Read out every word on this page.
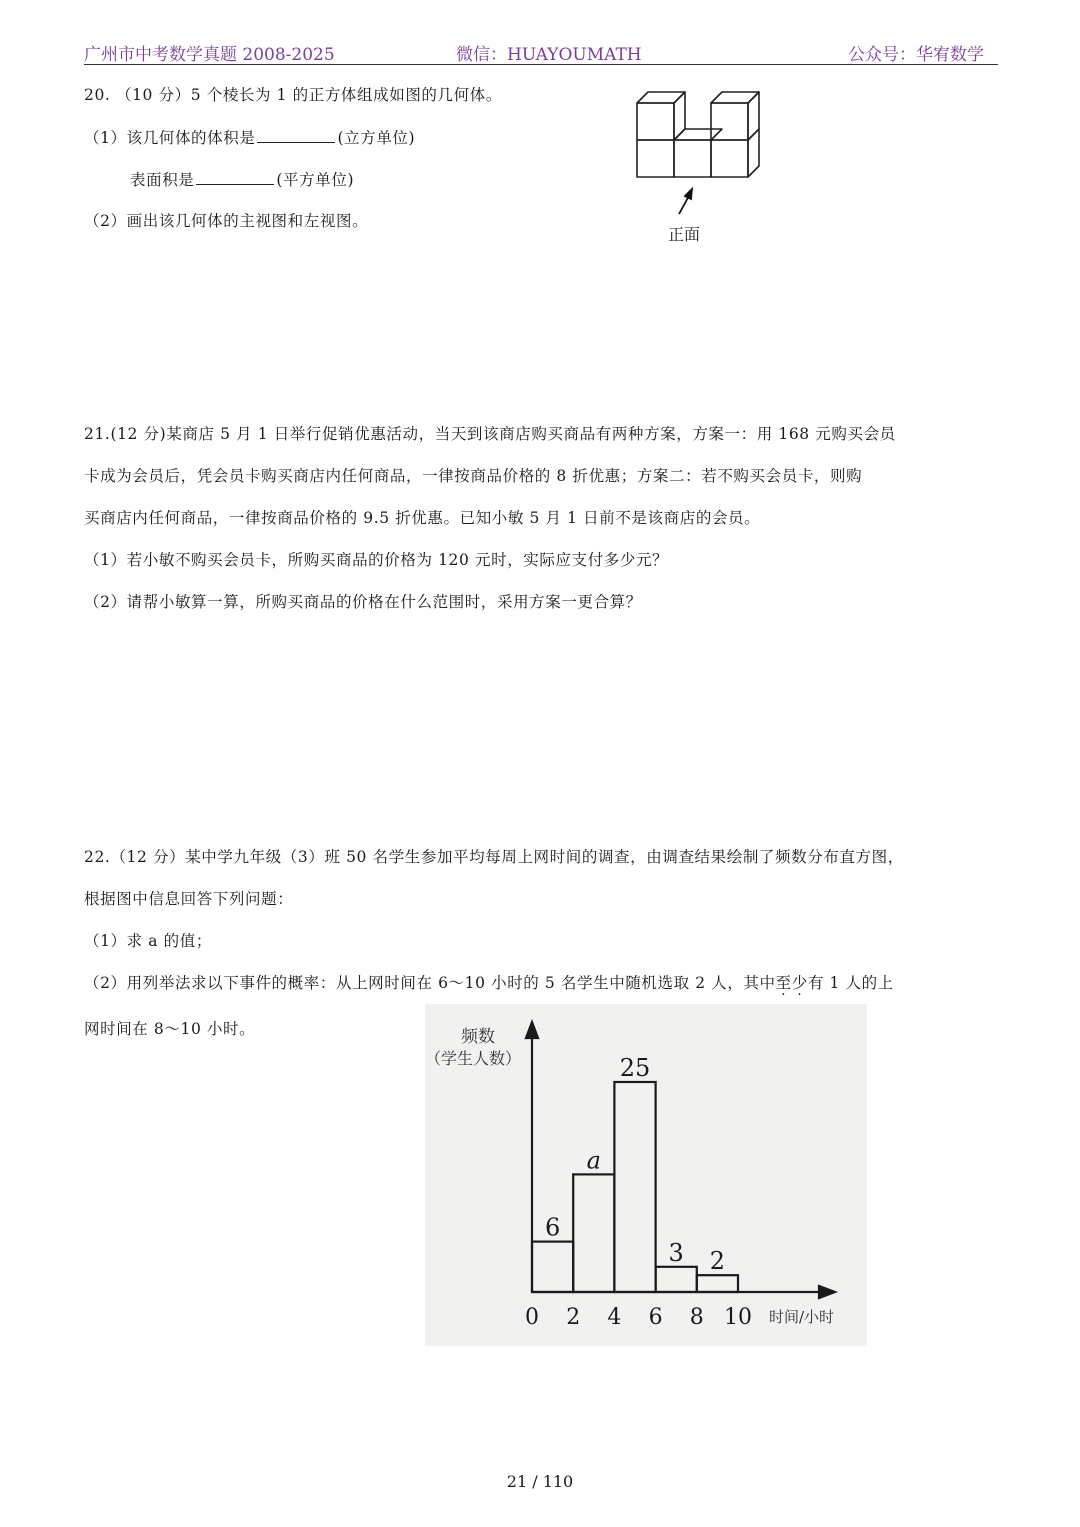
广州市中考数学真题 2008-2025	微信：HUAYOUMATH	公众号：华宥数学
20. （10 分）5 个棱长为 1 的正方体组成如图的几何体。
（1）该几何体的体积是	(立方单位)
表面积是	(平方单位)
（2）画出该几何体的主视图和左视图。
正面
21.(12 分)某商店 5 月 1 日举行促销优惠活动，当天到该商店购买商品有两种方案，方案一：用 168 元购买会员
卡成为会员后，凭会员卡购买商店内任何商品，一律按商品价格的 8 折优惠；方案二：若不购买会员卡，则购
买商店内任何商品，一律按商品价格的 9.5 折优惠。已知小敏 5 月 1 日前不是该商店的会员。
（1）若小敏不购买会员卡，所购买商品的价格为 120 元时，实际应支付多少元？
（2）请帮小敏算一算，所购买商品的价格在什么范围时，采用方案一更合算？
22.（12 分）某中学九年级（3）班 50 名学生参加平均每周上网时间的调查，由调查结果绘制了频数分布直方图，
根据图中信息回答下列问题：
（1）求 a 的值；
（2）用列举法求以下事件的概率：从上网时间在 6～10 小时的 5 名学生中随机选取 2 人，其中至少有 1 人的上
网时间在 8～10 小时。	频数
（学生人数）
时间/小时
6
a
25
3 2
0 2 4 6 8 10
21 / 110
